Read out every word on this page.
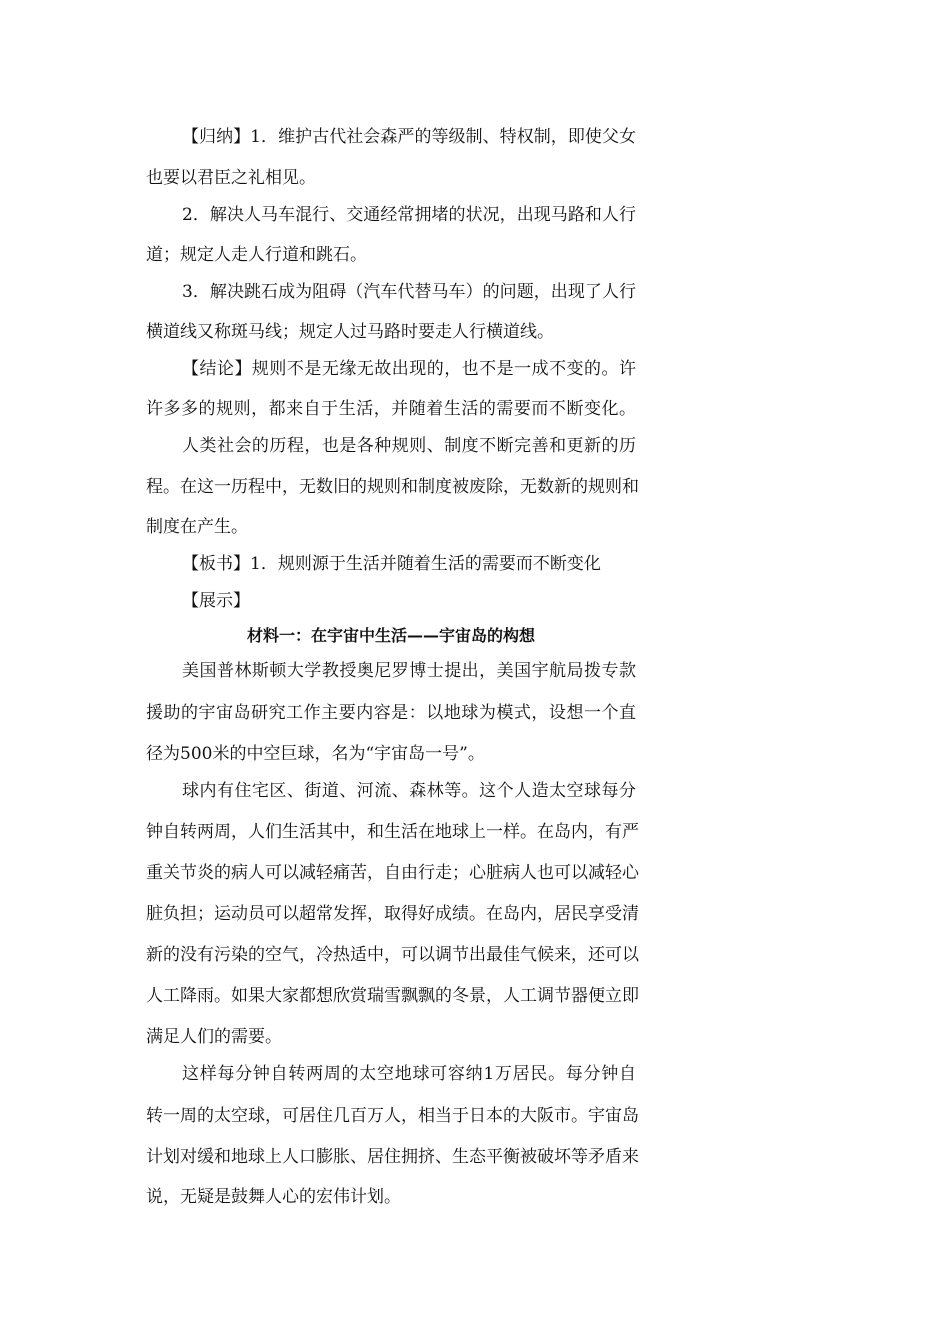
【归纳】1．维护古代社会森严的等级制、特权制，即使父女
也要以君臣之礼相见。
2．解决人马车混行、交通经常拥堵的状况，出现马路和人行
道；规定人走人行道和跳石。
3．解决跳石成为阻碍（汽车代替马车）的问题，出现了人行
横道线又称斑马线；规定人过马路时要走人行横道线。
【结论】规则不是无缘无故出现的，也不是一成不变的。许
许多多的规则，都来自于生活，并随着生活的需要而不断变化。
人类社会的历程，也是各种规则、制度不断完善和更新的历
程。在这一历程中，无数旧的规则和制度被废除，无数新的规则和
制度在产生。
【板书】1．规则源于生活并随着生活的需要而不断变化
【展示】
材料一：在宇宙中生活——宇宙岛的构想
美国普林斯顿大学教授奥尼罗博士提出，美国宇航局拨专款
援助的宇宙岛研究工作主要内容是：以地球为模式，设想一个直
径为500米的中空巨球，名为“宇宙岛一号”。
球内有住宅区、街道、河流、森林等。这个人造太空球每分
钟自转两周，人们生活其中，和生活在地球上一样。在岛内，有严
重关节炎的病人可以减轻痛苦，自由行走；心脏病人也可以减轻心
脏负担；运动员可以超常发挥，取得好成绩。在岛内，居民享受清
新的没有污染的空气，冷热适中，可以调节出最佳气候来，还可以
人工降雨。如果大家都想欣赏瑞雪飘飘的冬景，人工调节器便立即
满足人们的需要。
这样每分钟自转两周的太空地球可容纳1万居民。每分钟自
转一周的太空球，可居住几百万人，相当于日本的大阪市。宇宙岛
计划对缓和地球上人口膨胀、居住拥挤、生态平衡被破坏等矛盾来
说，无疑是鼓舞人心的宏伟计划。
